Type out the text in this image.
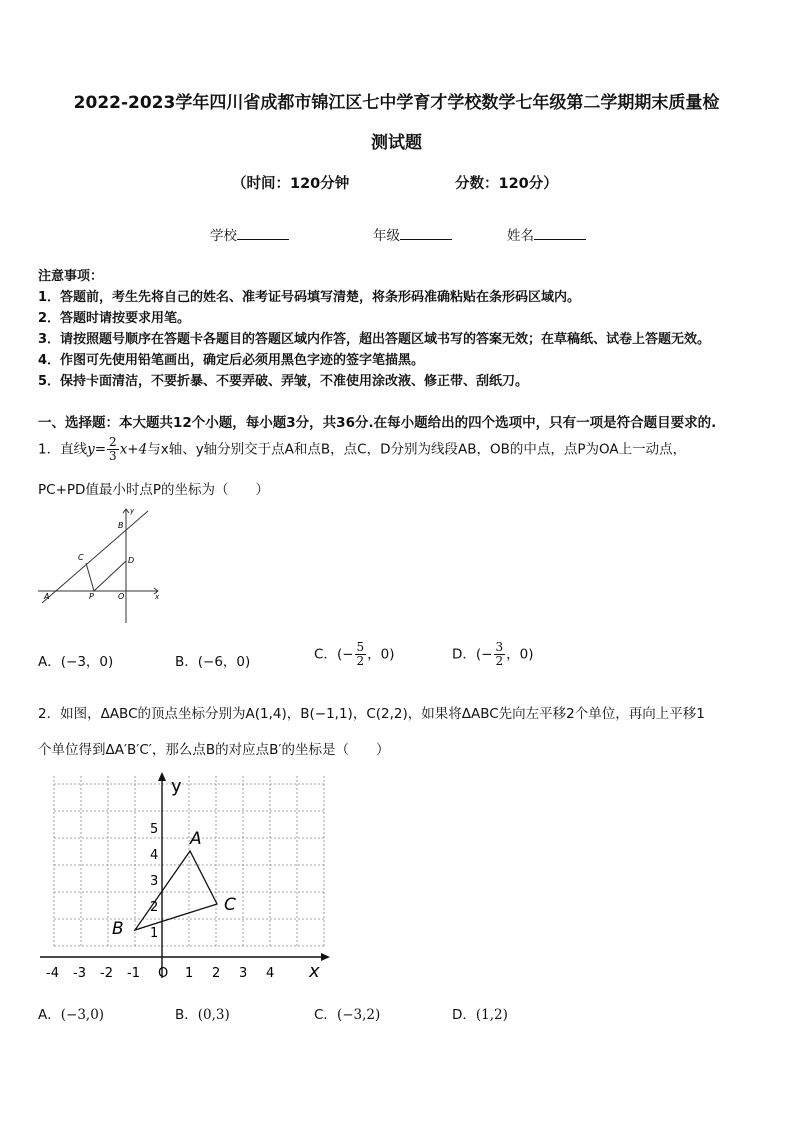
2022-2023学年四川省成都市锦江区七中学育才学校数学七年级第二学期期末质量检
测试题
（时间：120分钟	分数：120分）
学校	年级	姓名
注意事项：
1．答题前，考生先将自己的姓名、准考证号码填写清楚，将条形码准确粘贴在条形码区域内。
2．答题时请按要求用笔。
3．请按照题号顺序在答题卡各题目的答题区域内作答，超出答题区域书写的答案无效；在草稿纸、试卷上答题无效。
4．作图可先使用铅笔画出，确定后必须用黑色字迹的签字笔描黑。
5．保持卡面清洁，不要折暴、不要弄破、弄皱，不准使用涂改液、修正带、刮纸刀。
一、选择题：本大题共12个小题，每小题3分，共36分.在每小题给出的四个选项中，只有一项是符合题目要求的.
1．直线$y= \frac{2}{3} x+4$与x轴、y轴分别交于点A和点B，点C，D分别为线段AB，OB的中点，点P为OA上一动点，
PC+PD值最小时点P的坐标为（　　）
A
B
C	D
P	O	x
y
A．(−3，0)	B．(−6，0)	C．(− $\frac{5}{2}$ ，0)	D．(− $\frac{3}{2}$ ，0)
2．如图，ΔABC的顶点坐标分别为A(1,4)，B(−1,1)，C(2,2)，如果将ΔABC先向左平移2个单位，再向上平移1
个单位得到ΔA′B′C′，那么点B的对应点B′的坐标是（　　）
-4 -3 -2 -1 O 1 2 3 4
1
2
3
4
5
y
x
A
B
C
A．(−3,0)	B．(0,3)	C．(−3,2)	D．(1,2)
